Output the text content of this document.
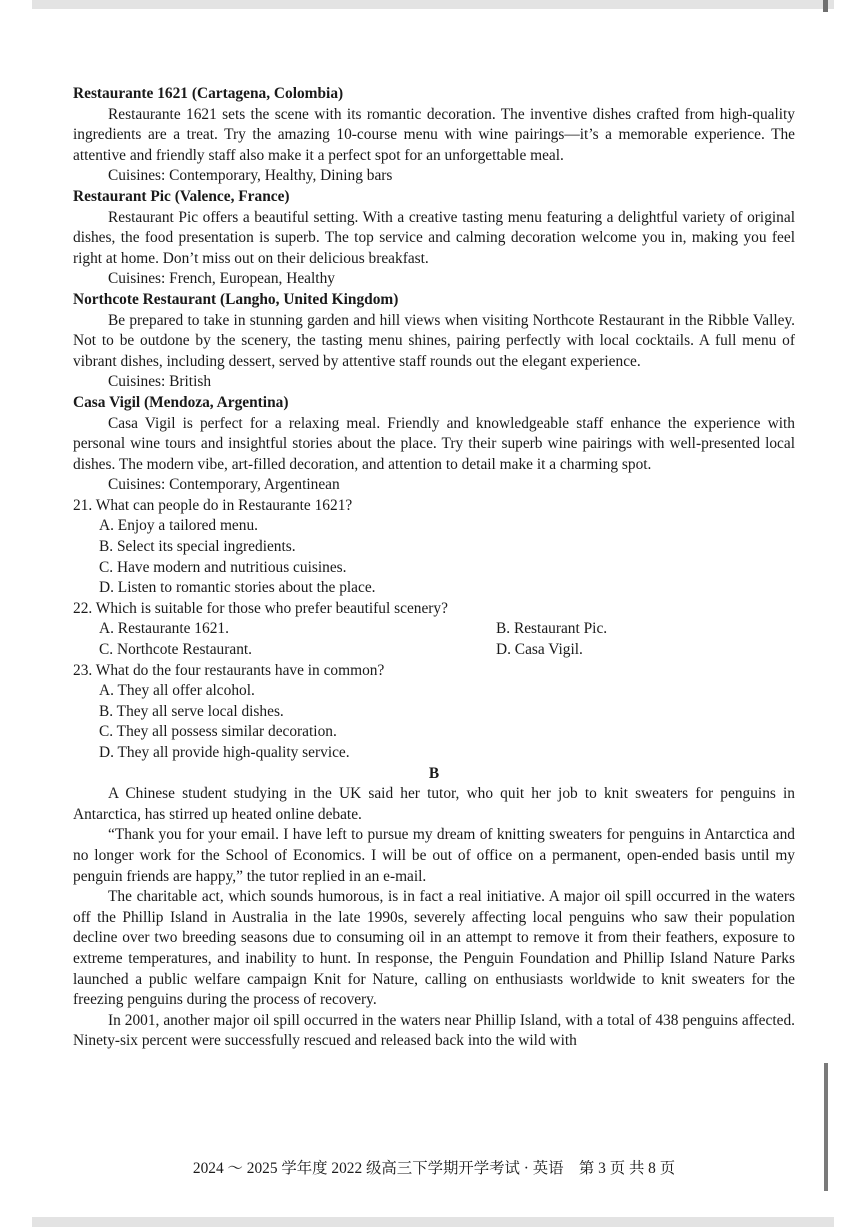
Restaurante 1621 (Cartagena, Colombia)

Restaurante 1621 sets the scene with its romantic decoration. The inventive dishes crafted from high-quality ingredients are a treat. Try the amazing 10-course menu with wine pairings—it’s a memorable experience. The attentive and friendly staff also make it a perfect spot for an unforgettable meal.

Cuisines: Contemporary, Healthy, Dining bars

Restaurant Pic (Valence, France)

Restaurant Pic offers a beautiful setting. With a creative tasting menu featuring a delightful variety of original dishes, the food presentation is superb. The top service and calming decoration welcome you in, making you feel right at home. Don’t miss out on their delicious breakfast.

Cuisines: French, European, Healthy

Northcote Restaurant (Langho, United Kingdom)

Be prepared to take in stunning garden and hill views when visiting Northcote Restaurant in the Ribble Valley. Not to be outdone by the scenery, the tasting menu shines, pairing perfectly with local cocktails. A full menu of vibrant dishes, including dessert, served by attentive staff rounds out the elegant experience.

Cuisines: British

Casa Vigil (Mendoza, Argentina)

Casa Vigil is perfect for a relaxing meal. Friendly and knowledgeable staff enhance the experience with personal wine tours and insightful stories about the place. Try their superb wine pairings with well-presented local dishes. The modern vibe, art-filled decoration, and attention to detail make it a charming spot.

Cuisines: Contemporary, Argentinean

21. What can people do in Restaurante 1621?

A. Enjoy a tailored menu.

B. Select its special ingredients.

C. Have modern and nutritious cuisines.

D. Listen to romantic stories about the place.

22. Which is suitable for those who prefer beautiful scenery?

A. Restaurante 1621.	B. Restaurant Pic.
C. Northcote Restaurant.	D. Casa Vigil.

23. What do the four restaurants have in common?

A. They all offer alcohol.

B. They all serve local dishes.

C. They all possess similar decoration.

D. They all provide high-quality service.

B

A Chinese student studying in the UK said her tutor, who quit her job to knit sweaters for penguins in Antarctica, has stirred up heated online debate.

“Thank you for your email. I have left to pursue my dream of knitting sweaters for penguins in Antarctica and no longer work for the School of Economics. I will be out of office on a permanent, open-ended basis until my penguin friends are happy,” the tutor replied in an e-mail.

The charitable act, which sounds humorous, is in fact a real initiative. A major oil spill occurred in the waters off the Phillip Island in Australia in the late 1990s, severely affecting local penguins who saw their population decline over two breeding seasons due to consuming oil in an attempt to remove it from their feathers, exposure to extreme temperatures, and inability to hunt. In response, the Penguin Foundation and Phillip Island Nature Parks launched a public welfare campaign Knit for Nature, calling on enthusiasts worldwide to knit sweaters for the freezing penguins during the process of recovery.

In 2001, another major oil spill occurred in the waters near Phillip Island, with a total of 438 penguins affected. Ninety-six percent were successfully rescued and released back into the wild with

2024 ～ 2025 学年度 2022 级高三下学期开学考试 · 英语　第 3 页 共 8 页
